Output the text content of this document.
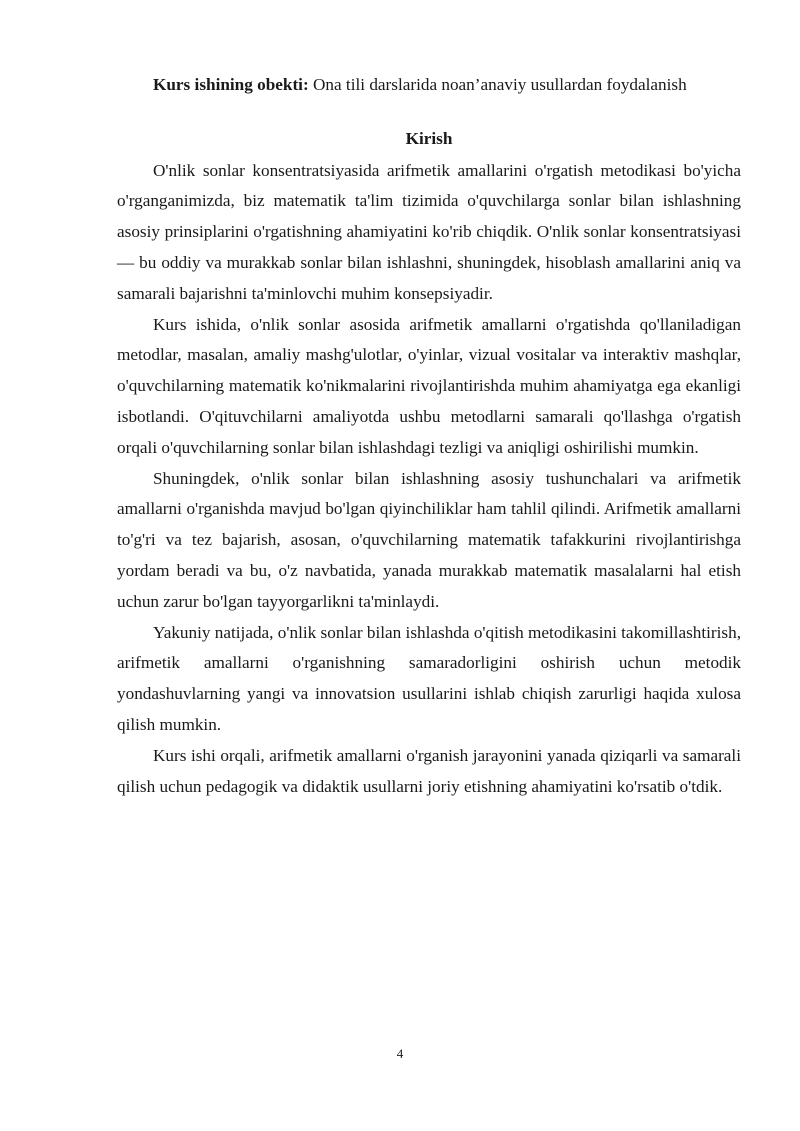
Kurs ishining obekti: Ona tili darslarida noan’anaviy usullardan foydalanish

Kirish

O'nlik sonlar konsentratsiyasida arifmetik amallarini o'rgatish metodikasi bo'yicha o'rganganimizda, biz matematik ta'lim tizimida o'quvchilarga sonlar bilan ishlashning asosiy prinsiplarini o'rgatishning ahamiyatini ko'rib chiqdik. O'nlik sonlar konsentratsiyasi — bu oddiy va murakkab sonlar bilan ishlashni, shuningdek, hisoblash amallarini aniq va samarali bajarishni ta'minlovchi muhim konsepsiyadir.

Kurs ishida, o'nlik sonlar asosida arifmetik amallarni o'rgatishda qo'llaniladigan metodlar, masalan, amaliy mashg'ulotlar, o'yinlar, vizual vositalar va interaktiv mashqlar, o'quvchilarning matematik ko'nikmalarini rivojlantirishda muhim ahamiyatga ega ekanligi isbotlandi. O'qituvchilarni amaliyotda ushbu metodlarni samarali qo'llashga o'rgatish orqali o'quvchilarning sonlar bilan ishlashdagi tezligi va aniqligi oshirilishi mumkin.

Shuningdek, o'nlik sonlar bilan ishlashning asosiy tushunchalari va arifmetik amallarni o'rganishda mavjud bo'lgan qiyinchiliklar ham tahlil qilindi. Arifmetik amallarni to'g'ri va tez bajarish, asosan, o'quvchilarning matematik tafakkurini rivojlantirishga yordam beradi va bu, o'z navbatida, yanada murakkab matematik masalalarni hal etish uchun zarur bo'lgan tayyorgarlikni ta'minlaydi.

Yakuniy natijada, o'nlik sonlar bilan ishlashda o'qitish metodikasini takomillashtirish, arifmetik amallarni o'rganishning samaradorligini oshirish uchun metodik yondashuvlarning yangi va innovatsion usullarini ishlab chiqish zarurligi haqida xulosa qilish mumkin.

Kurs ishi orqali, arifmetik amallarni o'rganish jarayonini yanada qiziqarli va samarali qilish uchun pedagogik va didaktik usullarni joriy etishning ahamiyatini ko'rsatib o'tdik.

4
